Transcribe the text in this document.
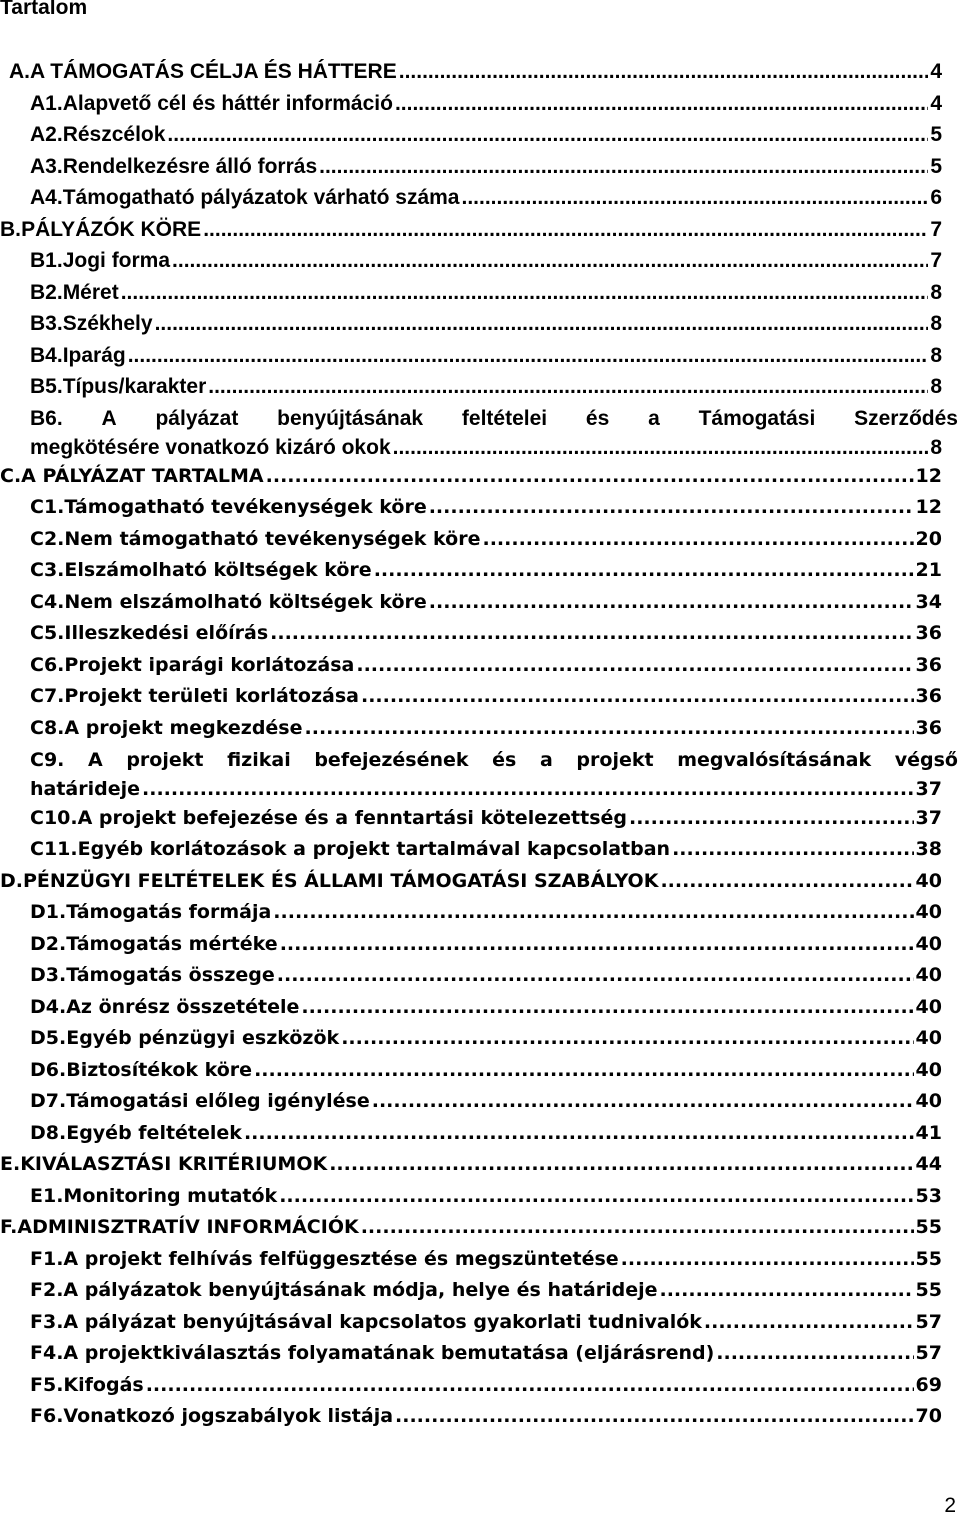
Tartalom
A. A TÁMOGATÁS CÉLJA ÉS HÁTTERE .....	4
A1. Alapvető cél és háttér információ .....	4
A2. Részcélok .....	5
A3. Rendelkezésre álló forrás .....	5
A4. Támogatható pályázatok várható száma .....	6
B. PÁLYÁZÓK KÖRE .....	7
B1. Jogi forma .....	7
B2. Méret .....	8
B3. Székhely .....	8
B4. Iparág .....	8
B5. Típus/karakter .....	8
B6. A pályázat benyújtásának feltételei és a Támogatási Szerződés
megkötésére vonatkozó kizáró okok .....	8
C. A PÁLYÁZAT TARTALMA .....	12
C1. Támogatható tevékenységek köre .....	12
C2. Nem támogatható tevékenységek köre .....	20
C3. Elszámolható költségek köre .....	21
C4. Nem elszámolható költségek köre .....	34
C5. Illeszkedési előírás .....	36
C6. Projekt iparági korlátozása .....	36
C7. Projekt területi korlátozása .....	36
C8. A projekt megkezdése .....	36
C9. A projekt fizikai befejezésének és a projekt megvalósításának végső
határideje .....	37
C10. A projekt befejezése és a fenntartási kötelezettség .....	37
C11. Egyéb korlátozások a projekt tartalmával kapcsolatban .....	38
D. PÉNZÜGYI FELTÉTELEK ÉS ÁLLAMI TÁMOGATÁSI SZABÁLYOK .....	40
D1. Támogatás formája .....	40
D2. Támogatás mértéke .....	40
D3. Támogatás összege .....	40
D4. Az önrész összetétele .....	40
D5. Egyéb pénzügyi eszközök .....	40
D6. Biztosítékok köre .....	40
D7. Támogatási előleg igénylése .....	40
D8. Egyéb feltételek .....	41
E. KIVÁLASZTÁSI KRITÉRIUMOK .....	44
E1. Monitoring mutatók .....	53
F. ADMINISZTRATÍV INFORMÁCIÓK .....	55
F1. A projekt felhívás felfüggesztése és megszüntetése .....	55
F2. A pályázatok benyújtásának módja, helye és határideje .....	55
F3. A pályázat benyújtásával kapcsolatos gyakorlati tudnivalók .....	57
F4. A projektkiválasztás folyamatának bemutatása (eljárásrend) .....	57
F5. Kifogás .....	69
F6. Vonatkozó jogszabályok listája .....	70
2
